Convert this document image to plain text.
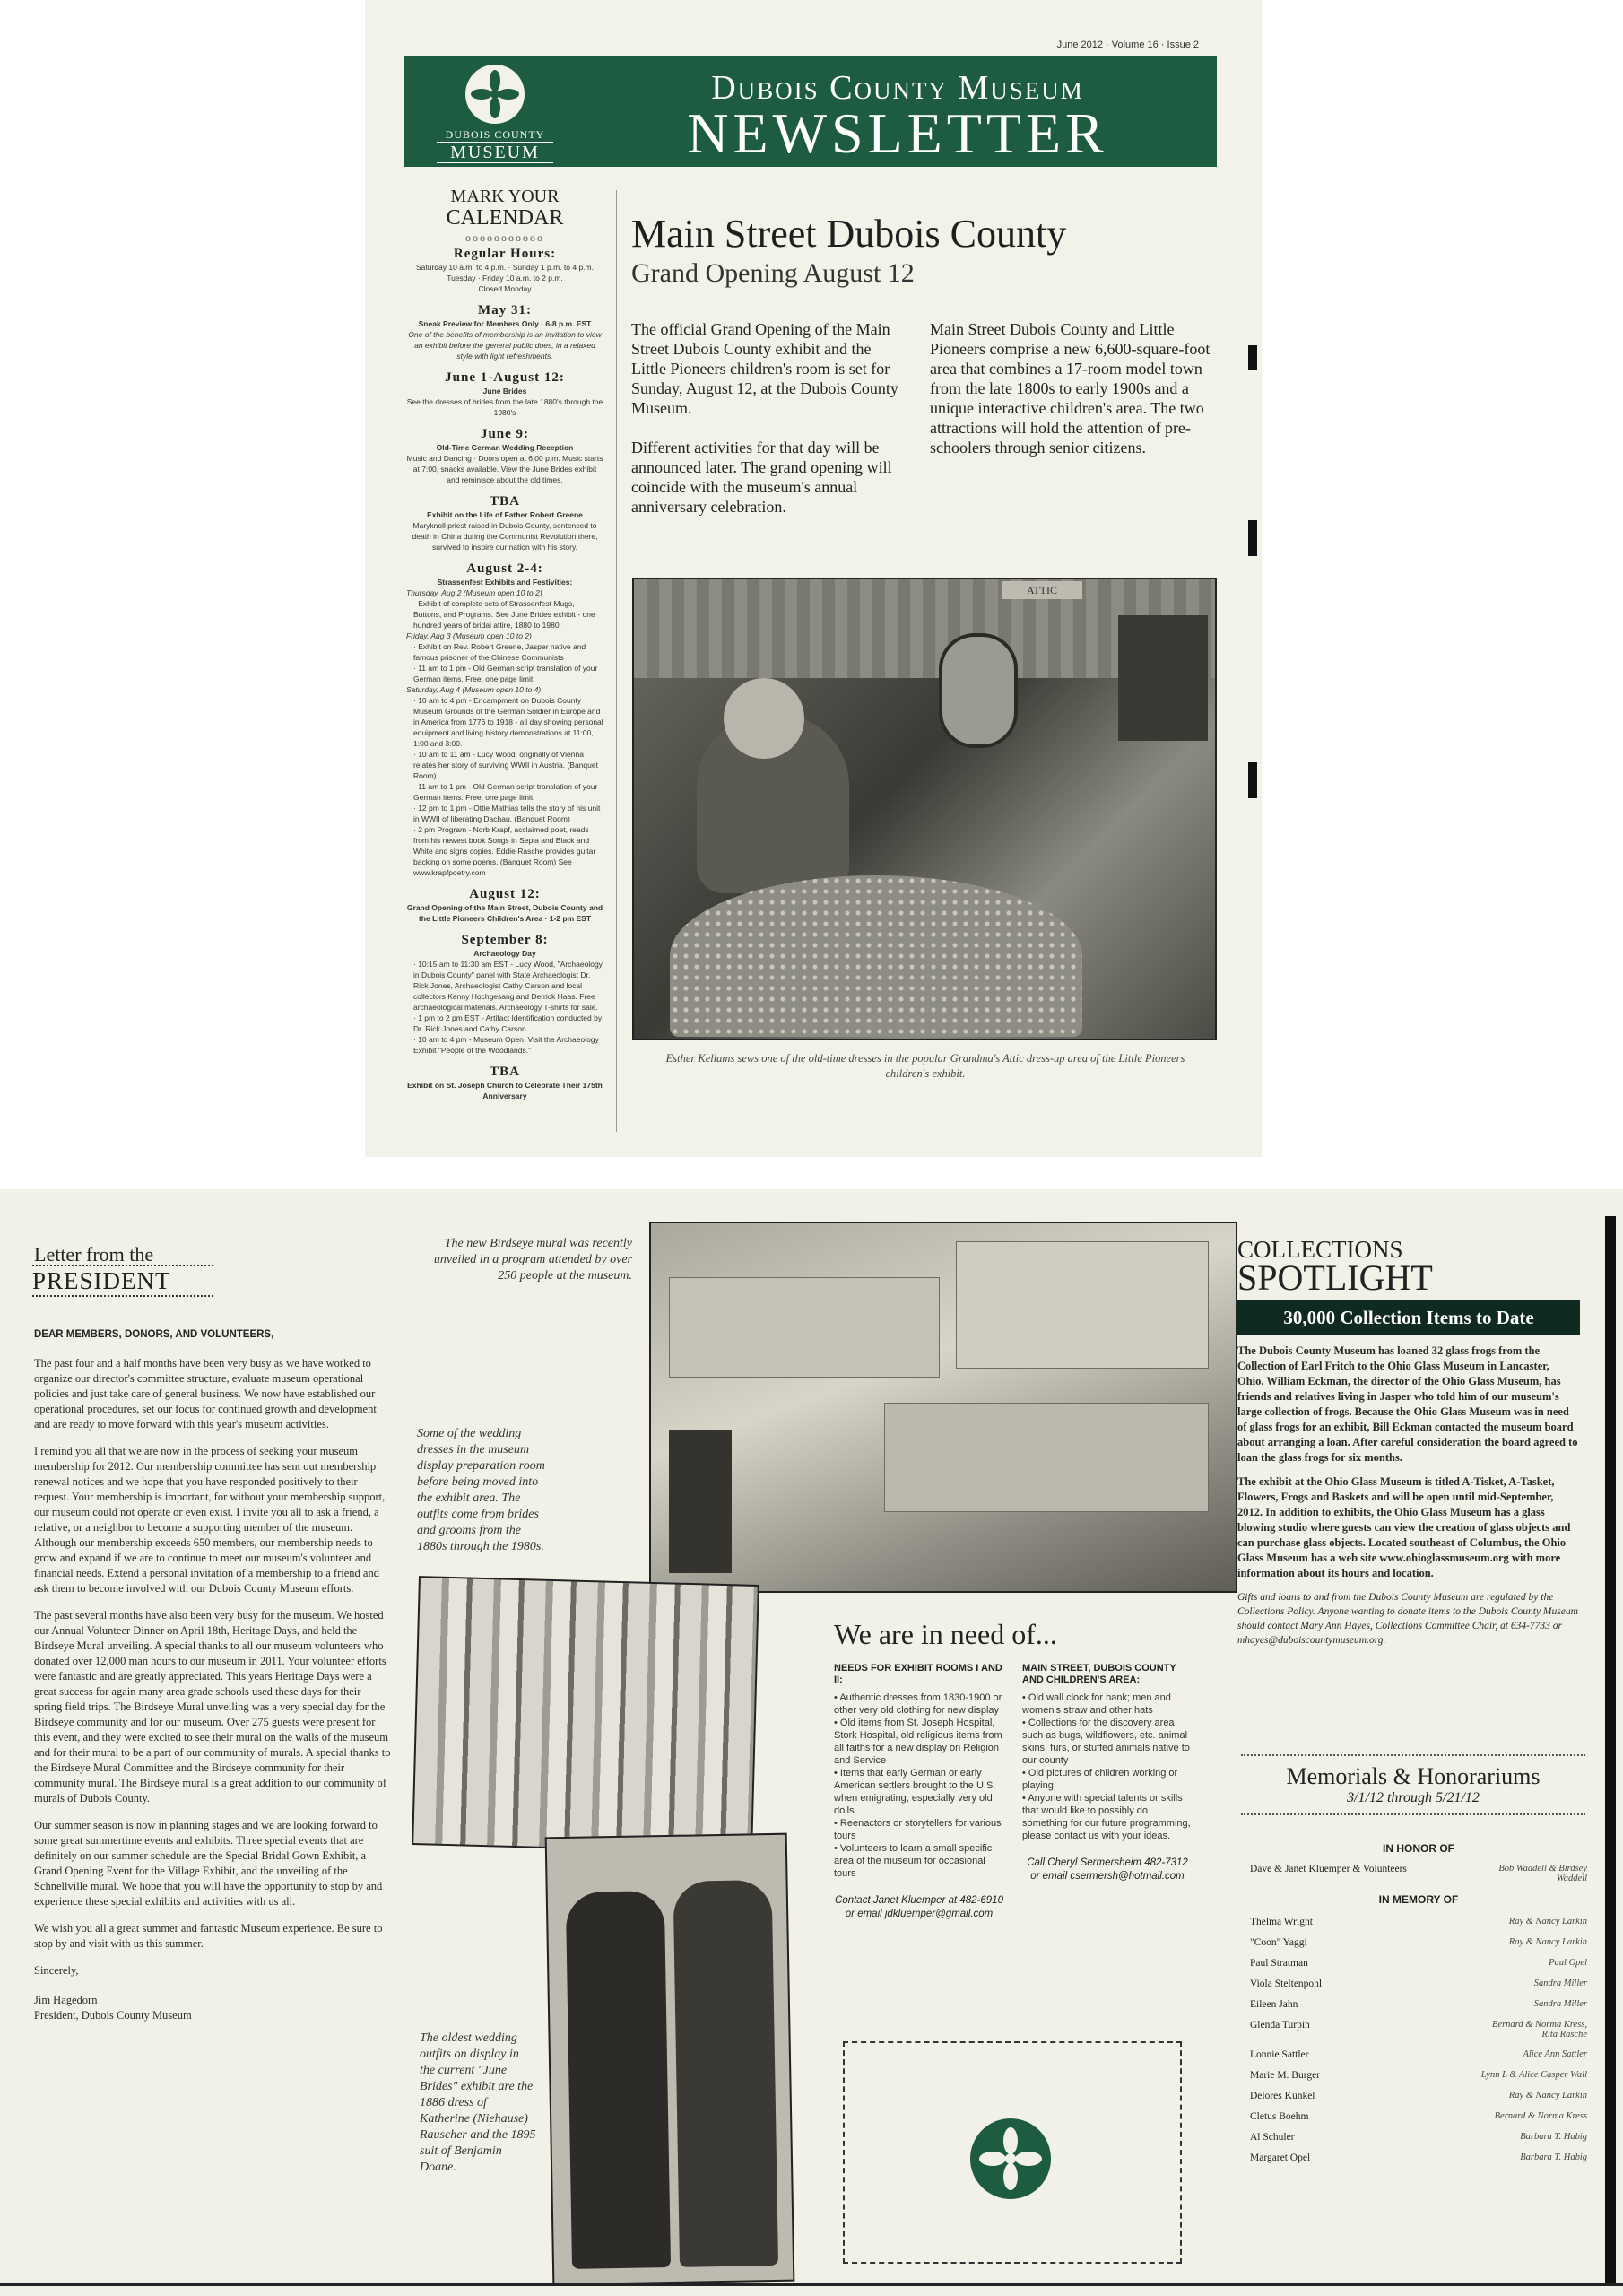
June 2012 · Volume 16 · Issue 2
DUBOIS COUNTY
MUSEUM
Dubois County Museum
NEWSLETTER
MARK YOUR
CALENDAR
ooooooooooo
Regular Hours:
Saturday 10 a.m. to 4 p.m. · Sunday 1 p.m. to 4 p.m.
Tuesday · Friday 10 a.m. to 2 p.m.
Closed Monday
May 31:
Sneak Preview for Members Only · 6-8 p.m. EST
One of the benefits of membership is an invitation to view an exhibit before the general public does, in a relaxed style with light refreshments.
June 1-August 12:
June Brides
See the dresses of brides from the late 1880's through the 1980's
June 9:
Old-Time German Wedding Reception
Music and Dancing · Doors open at 6:00 p.m. Music starts at 7:00, snacks available. View the June Brides exhibit and reminisce about the old times.
TBA
Exhibit on the Life of Father Robert Greene
Maryknoll priest raised in Dubois County, sentenced to death in China during the Communist Revolution there, survived to inspire our nation with his story.
August 2-4:
Strassenfest Exhibits and Festivities:
Thursday, Aug 2 (Museum open 10 to 2)
· Exhibit of complete sets of Strassenfest Mugs, Buttons, and Programs. See June Brides exhibit - one hundred years of bridal attire, 1880 to 1980.
Friday, Aug 3 (Museum open 10 to 2)
· Exhibit on Rev. Robert Greene, Jasper native and famous prisoner of the Chinese Communists
· 11 am to 1 pm - Old German script translation of your German items. Free, one page limit.
Saturday, Aug 4 (Museum open 10 to 4)
· 10 am to 4 pm - Encampment on Dubois County Museum Grounds of the German Soldier in Europe and in America from 1776 to 1918 - all day showing personal equipment and living history demonstrations at 11:00, 1:00 and 3:00.
· 10 am to 11 am - Lucy Wood, originally of Vienna relates her story of surviving WWII in Austria. (Banquet Room)
· 11 am to 1 pm - Old German script translation of your German items. Free, one page limit.
· 12 pm to 1 pm - Ottie Mathias tells the story of his unit in WWII of liberating Dachau. (Banquet Room)
· 2 pm Program - Norb Krapf, acclaimed poet, reads from his newest book Songs in Sepia and Black and White and signs copies. Eddie Rasche provides guitar backing on some poems. (Banquet Room) See www.krapfpoetry.com
August 12:
Grand Opening of the Main Street, Dubois County and the Little Pioneers Children's Area · 1-2 pm EST
September 8:
Archaeology Day
· 10:15 am to 11:30 am EST - Lucy Wood, "Archaeology in Dubois County" panel with State Archaeologist Dr. Rick Jones, Archaeologist Cathy Carson and local collectors Kenny Hochgesang and Derrick Haas. Free archaeological materials. Archaeology T-shirts for sale.
· 1 pm to 2 pm EST - Artifact Identification conducted by Dr. Rick Jones and Cathy Carson.
· 10 am to 4 pm - Museum Open. Visit the Archaeology Exhibit "People of the Woodlands."
TBA
Exhibit on St. Joseph Church to Celebrate Their 175th Anniversary
Main Street Dubois County
Grand Opening August 12

The official Grand Opening of the Main Street Dubois County exhibit and the Little Pioneers children's room is set for Sunday, August 12, at the Dubois County Museum.

Different activities for that day will be announced later. The grand opening will coincide with the museum's annual anniversary celebration.

Main Street Dubois County and Little Pioneers comprise a new 6,600-square-foot area that combines a 17-room model town from the late 1800s to early 1900s and a unique interactive children's area. The two attractions will hold the attention of pre-schoolers through senior citizens.

ATTIC
Esther Kellams sews one of the old-time dresses in the popular Grandma's Attic dress-up area of the Little Pioneers children's exhibit.
Letter from the
PRESIDENT
DEAR MEMBERS, DONORS, AND VOLUNTEERS,

The past four and a half months have been very busy as we have worked to organize our director's committee structure, evaluate museum operational policies and just take care of general business. We now have established our operational procedures, set our focus for continued growth and development and are ready to move forward with this year's museum activities.

I remind you all that we are now in the process of seeking your museum membership for 2012. Our membership committee has sent out membership renewal notices and we hope that you have responded positively to their request. Your membership is important, for without your membership support, our museum could not operate or even exist. I invite you all to ask a friend, a relative, or a neighbor to become a supporting member of the museum. Although our membership exceeds 650 members, our membership needs to grow and expand if we are to continue to meet our museum's volunteer and financial needs. Extend a personal invitation of a membership to a friend and ask them to become involved with our Dubois County Museum efforts.

The past several months have also been very busy for the museum. We hosted our Annual Volunteer Dinner on April 18th, Heritage Days, and held the Birdseye Mural unveiling. A special thanks to all our museum volunteers who donated over 12,000 man hours to our museum in 2011. Your volunteer efforts were fantastic and are greatly appreciated. This years Heritage Days were a great success for again many area grade schools used these days for their spring field trips. The Birdseye Mural unveiling was a very special day for the Birdseye community and for our museum. Over 275 guests were present for this event, and they were excited to see their mural on the walls of the museum and for their mural to be a part of our community of murals. A special thanks to the Birdseye Mural Committee and the Birdseye community for their community mural. The Birdseye mural is a great addition to our community of murals of Dubois County.

Our summer season is now in planning stages and we are looking forward to some great summertime events and exhibits. Three special events that are definitely on our summer schedule are the Special Bridal Gown Exhibit, a Grand Opening Event for the Village Exhibit, and the unveiling of the Schnellville mural. We hope that you will have the opportunity to stop by and experience these special exhibits and activities with us all.

We wish you all a great summer and fantastic Museum experience. Be sure to stop by and visit with us this summer.

Sincerely,

Jim Hagedorn
President, Dubois County Museum
The new Birdseye mural was recently unveiled in a program attended by over 250 people at the museum.
Some of the wedding dresses in the museum display preparation room before being moved into the exhibit area. The outfits come from brides and grooms from the 1880s through the 1980s.
The oldest wedding outfits on display in the current "June Brides" exhibit are the 1886 dress of Katherine (Niehause) Rauscher and the 1895 suit of Benjamin Doane.
We are in need of...
NEEDS FOR EXHIBIT ROOMS I AND II:
• Authentic dresses from 1830-1900 or other very old clothing for new display
• Old items from St. Joseph Hospital, Stork Hospital, old religious items from all faiths for a new display on Religion and Service
• Items that early German or early American settlers brought to the U.S. when emigrating, especially very old dolls
• Reenactors or storytellers for various tours
• Volunteers to learn a small specific area of the museum for occasional tours
Contact Janet Kluemper at 482-6910 or email jdkluemper@gmail.com
MAIN STREET, DUBOIS COUNTY AND CHILDREN'S AREA:
• Old wall clock for bank; men and women's straw and other hats
• Collections for the discovery area such as bugs, wildflowers, etc. animal skins, furs, or stuffed animals native to our county
• Old pictures of children working or playing
• Anyone with special talents or skills that would like to possibly do something for our future programming, please contact us with your ideas.
Call Cheryl Sermersheim 482-7312 or email csermersh@hotmail.com
COLLECTIONS
SPOTLIGHT
30,000 Collection Items to Date

The Dubois County Museum has loaned 32 glass frogs from the Collection of Earl Fritch to the Ohio Glass Museum in Lancaster, Ohio. William Eckman, the director of the Ohio Glass Museum, has friends and relatives living in Jasper who told him of our museum's large collection of frogs. Because the Ohio Glass Museum was in need of glass frogs for an exhibit, Bill Eckman contacted the museum board about arranging a loan. After careful consideration the board agreed to loan the glass frogs for six months.

The exhibit at the Ohio Glass Museum is titled A-Tisket, A-Tasket, Flowers, Frogs and Baskets and will be open until mid-September, 2012. In addition to exhibits, the Ohio Glass Museum has a glass blowing studio where guests can view the creation of glass objects and can purchase glass objects. Located southeast of Columbus, the Ohio Glass Museum has a web site www.ohioglassmuseum.org with more information about its hours and location.

Gifts and loans to and from the Dubois County Museum are regulated by the Collections Policy. Anyone wanting to donate items to the Dubois County Museum should contact Mary Ann Hayes, Collections Committee Chair, at 634-7733 or mhayes@duboiscountymuseum.org.

Memorials & Honorariums
3/1/12 through 5/21/12
IN HONOR OF
Dave & Janet Kluemper & Volunteers	Bob Waddell & Birdsey Waddell
IN MEMORY OF
Thelma Wright	Ray & Nancy Larkin
"Coon" Yaggi	Ray & Nancy Larkin
Paul Stratman	Paul Opel
Viola Steltenpohl	Sandra Miller
Eileen Jahn	Sandra Miller
Glenda Turpin	Bernard & Norma Kress, Rita Rasche
Lonnie Sattler	Alice Ann Sattler
Marie M. Burger	Lynn L & Alice Casper Wall
Delores Kunkel	Ray & Nancy Larkin
Cletus Boehm	Bernard & Norma Kress
Al Schuler	Barbara T. Habig
Margaret Opel	Barbara T. Habig
